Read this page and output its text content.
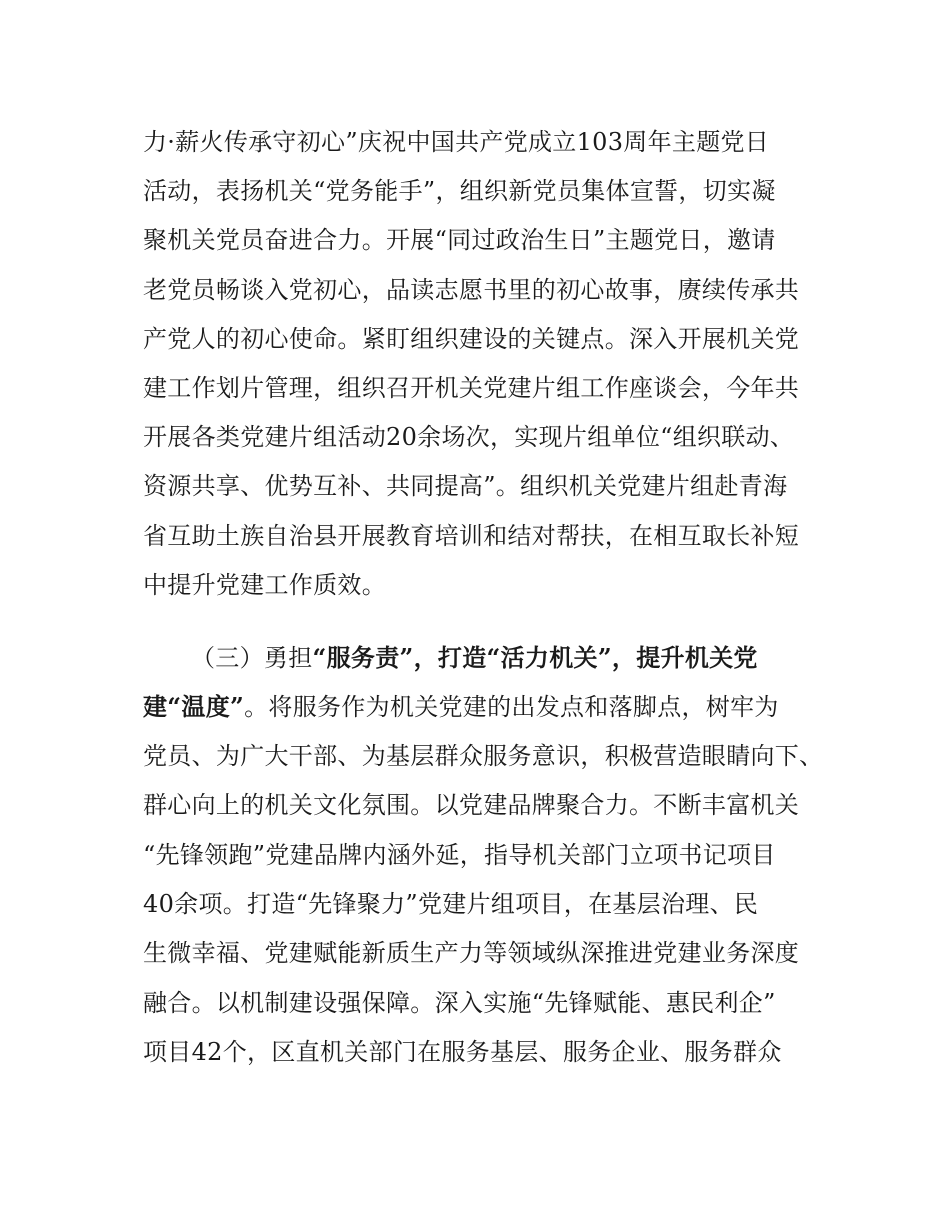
力·薪火传承守初心”庆祝中国共产党成立103周年主题党日
活动，表扬机关“党务能手”，组织新党员集体宣誓，切实凝
聚机关党员奋进合力。开展“同过政治生日”主题党日，邀请
老党员畅谈入党初心，品读志愿书里的初心故事，赓续传承共
产党人的初心使命。紧盯组织建设的关键点。深入开展机关党
建工作划片管理，组织召开机关党建片组工作座谈会，今年共
开展各类党建片组活动20余场次，实现片组单位“组织联动、
资源共享、优势互补、共同提高”。组织机关党建片组赴青海
省互助土族自治县开展教育培训和结对帮扶，在相互取长补短
中提升党建工作质效。
（三）勇担“服务责”，打造“活力机关”，提升机关党
建“温度”。将服务作为机关党建的出发点和落脚点，树牢为
党员、为广大干部、为基层群众服务意识，积极营造眼睛向下、
群心向上的机关文化氛围。以党建品牌聚合力。不断丰富机关
“先锋领跑”党建品牌内涵外延，指导机关部门立项书记项目
40余项。打造“先锋聚力”党建片组项目，在基层治理、民
生微幸福、党建赋能新质生产力等领域纵深推进党建业务深度
融合。以机制建设强保障。深入实施“先锋赋能、惠民利企”
项目42个，区直机关部门在服务基层、服务企业、服务群众
